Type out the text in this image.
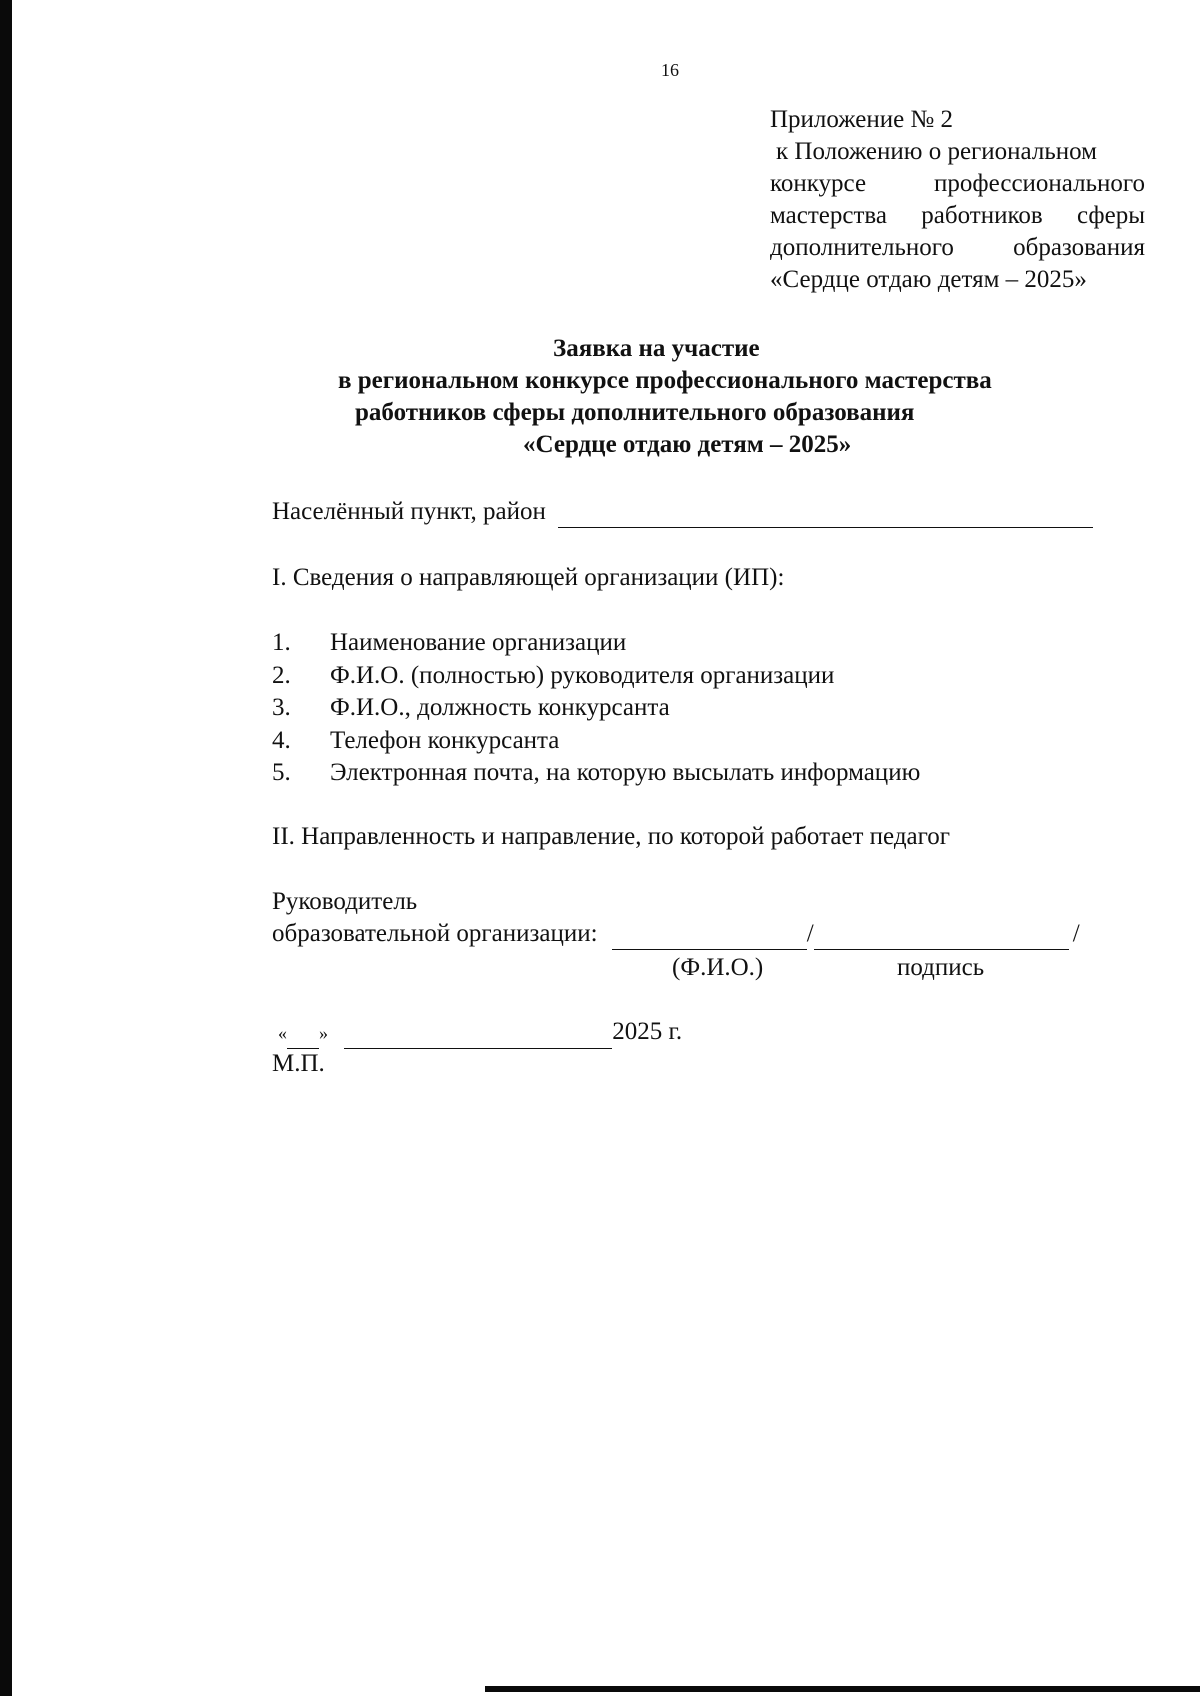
16
Приложение № 2
к Положению о региональном
конкурсе профессионального
мастерства работников сферы
дополнительного образования
«Сердце отдаю детям – 2025»
Заявка на участие
в региональном конкурсе профессионального мастерства
работников сферы дополнительного образования
«Сердце отдаю детям – 2025»
Населённый пункт, район
I. Сведения о направляющей организации (ИП):
1. Наименование организации
2. Ф.И.О. (полностью) руководителя организации
3. Ф.И.О., должность конкурсанта
4. Телефон конкурсанта
5. Электронная почта, на которую высылать информацию
II. Направленность и направление, по которой работает педагог
Руководитель
образовательной организации:	/	/
(Ф.И.О.)	подпись
« »	2025 г.
М.П.
